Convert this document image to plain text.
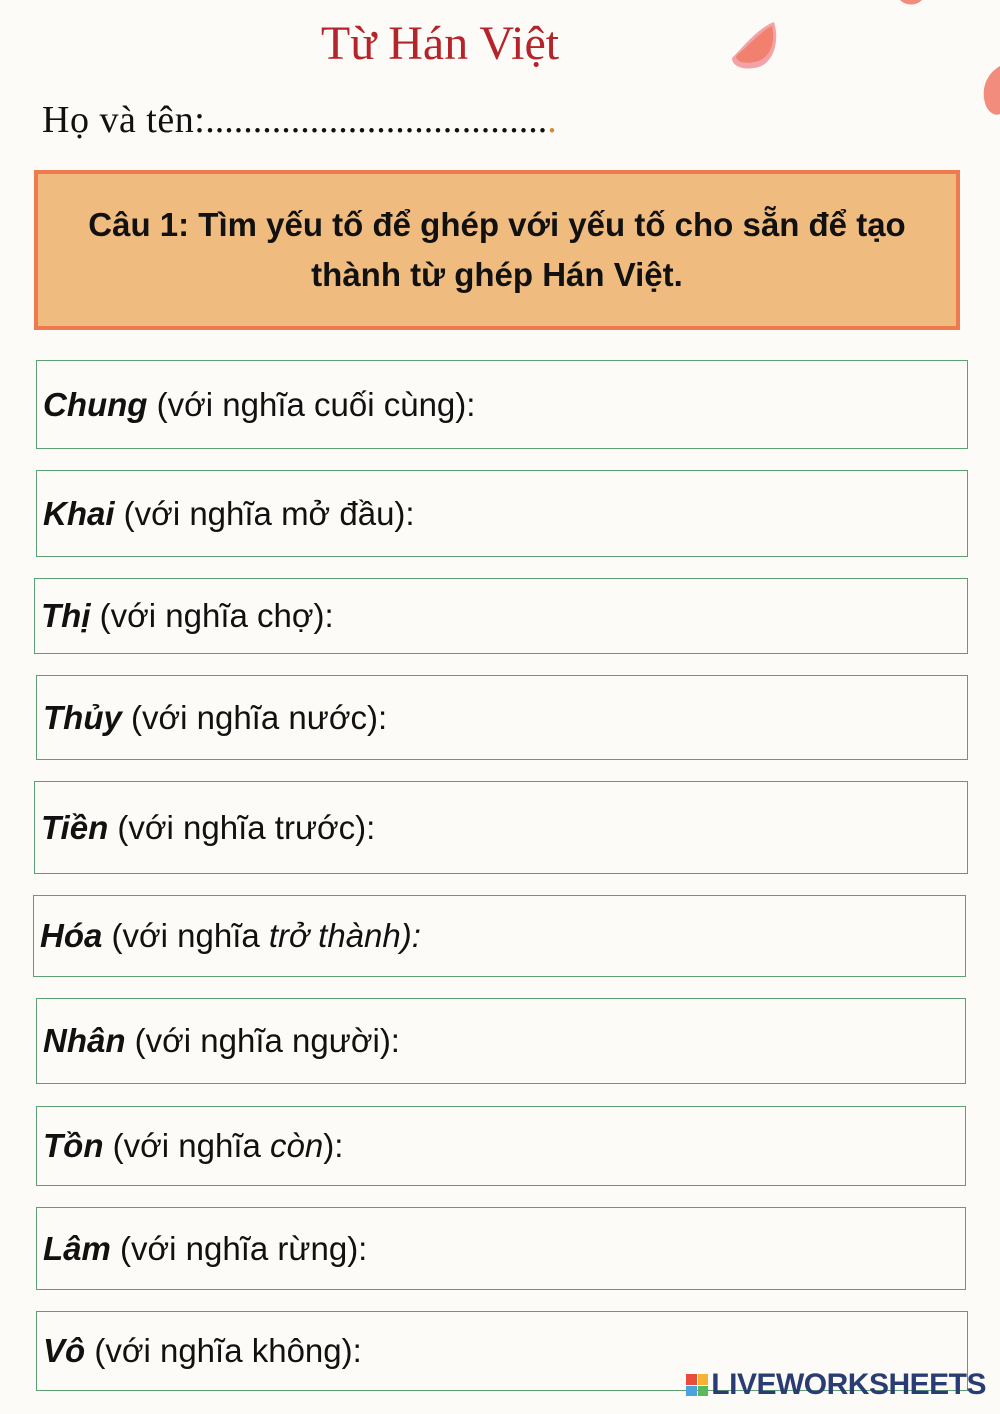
Từ Hán Việt
Họ và tên:.....................................
Câu 1: Tìm yếu tố để ghép với yếu tố cho sẵn để tạo
thành từ ghép Hán Việt.
Chung (với nghĩa cuối cùng):
Khai (với nghĩa mở đầu):
Thị (với nghĩa chợ):
Thủy (với nghĩa nước):
Tiền (với nghĩa trước):
Hóa (với nghĩa trở thành):
Nhân (với nghĩa người):
Tồn (với nghĩa còn):
Lâm (với nghĩa rừng):
Vô (với nghĩa không):
LIVEWORKSHEETS
